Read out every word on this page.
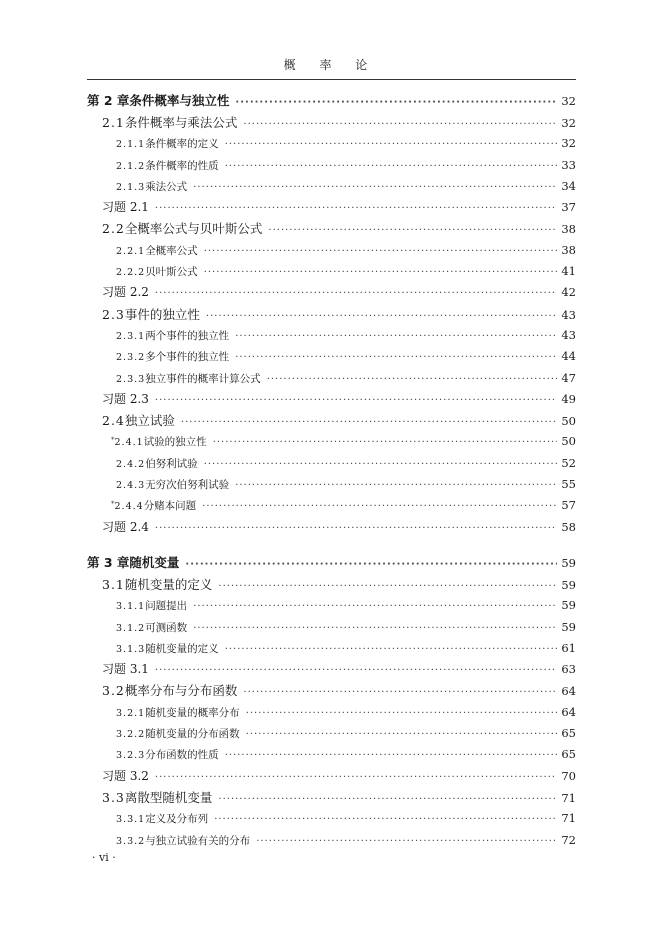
概 率 论
第 2 章 条件概率与独立性 ·····	32
2.1 条件概率与乘法公式 ·····	32
2.1.1 条件概率的定义 ·····	32
2.1.2 条件概率的性质 ·····	33
2.1.3 乘法公式 ·····	34
习题 2.1 ·····	37
2.2 全概率公式与贝叶斯公式 ·····	38
2.2.1 全概率公式 ·····	38
2.2.2 贝叶斯公式 ·····	41
习题 2.2 ·····	42
2.3 事件的独立性 ·····	43
2.3.1 两个事件的独立性 ·····	43
2.3.2 多个事件的独立性 ·····	44
2.3.3 独立事件的概率计算公式 ·····	47
习题 2.3 ·····	49
2.4 独立试验 ·····	50
* 2.4.1 试验的独立性 ·····	50
2.4.2 伯努利试验 ·····	52
2.4.3 无穷次伯努利试验 ·····	55
* 2.4.4 分赌本问题 ·····	57
习题 2.4 ·····	58
第 3 章 随机变量 ·····	59
3.1 随机变量的定义 ·····	59
3.1.1 问题提出 ·····	59
3.1.2 可测函数 ·····	59
3.1.3 随机变量的定义 ·····	61
习题 3.1 ·····	63
3.2 概率分布与分布函数 ·····	64
3.2.1 随机变量的概率分布 ·····	64
3.2.2 随机变量的分布函数 ·····	65
3.2.3 分布函数的性质 ·····	65
习题 3.2 ·····	70
3.3 离散型随机变量 ·····	71
3.3.1 定义及分布列 ·····	71
3.3.2 与独立试验有关的分布 ·····	72
· vi ·
